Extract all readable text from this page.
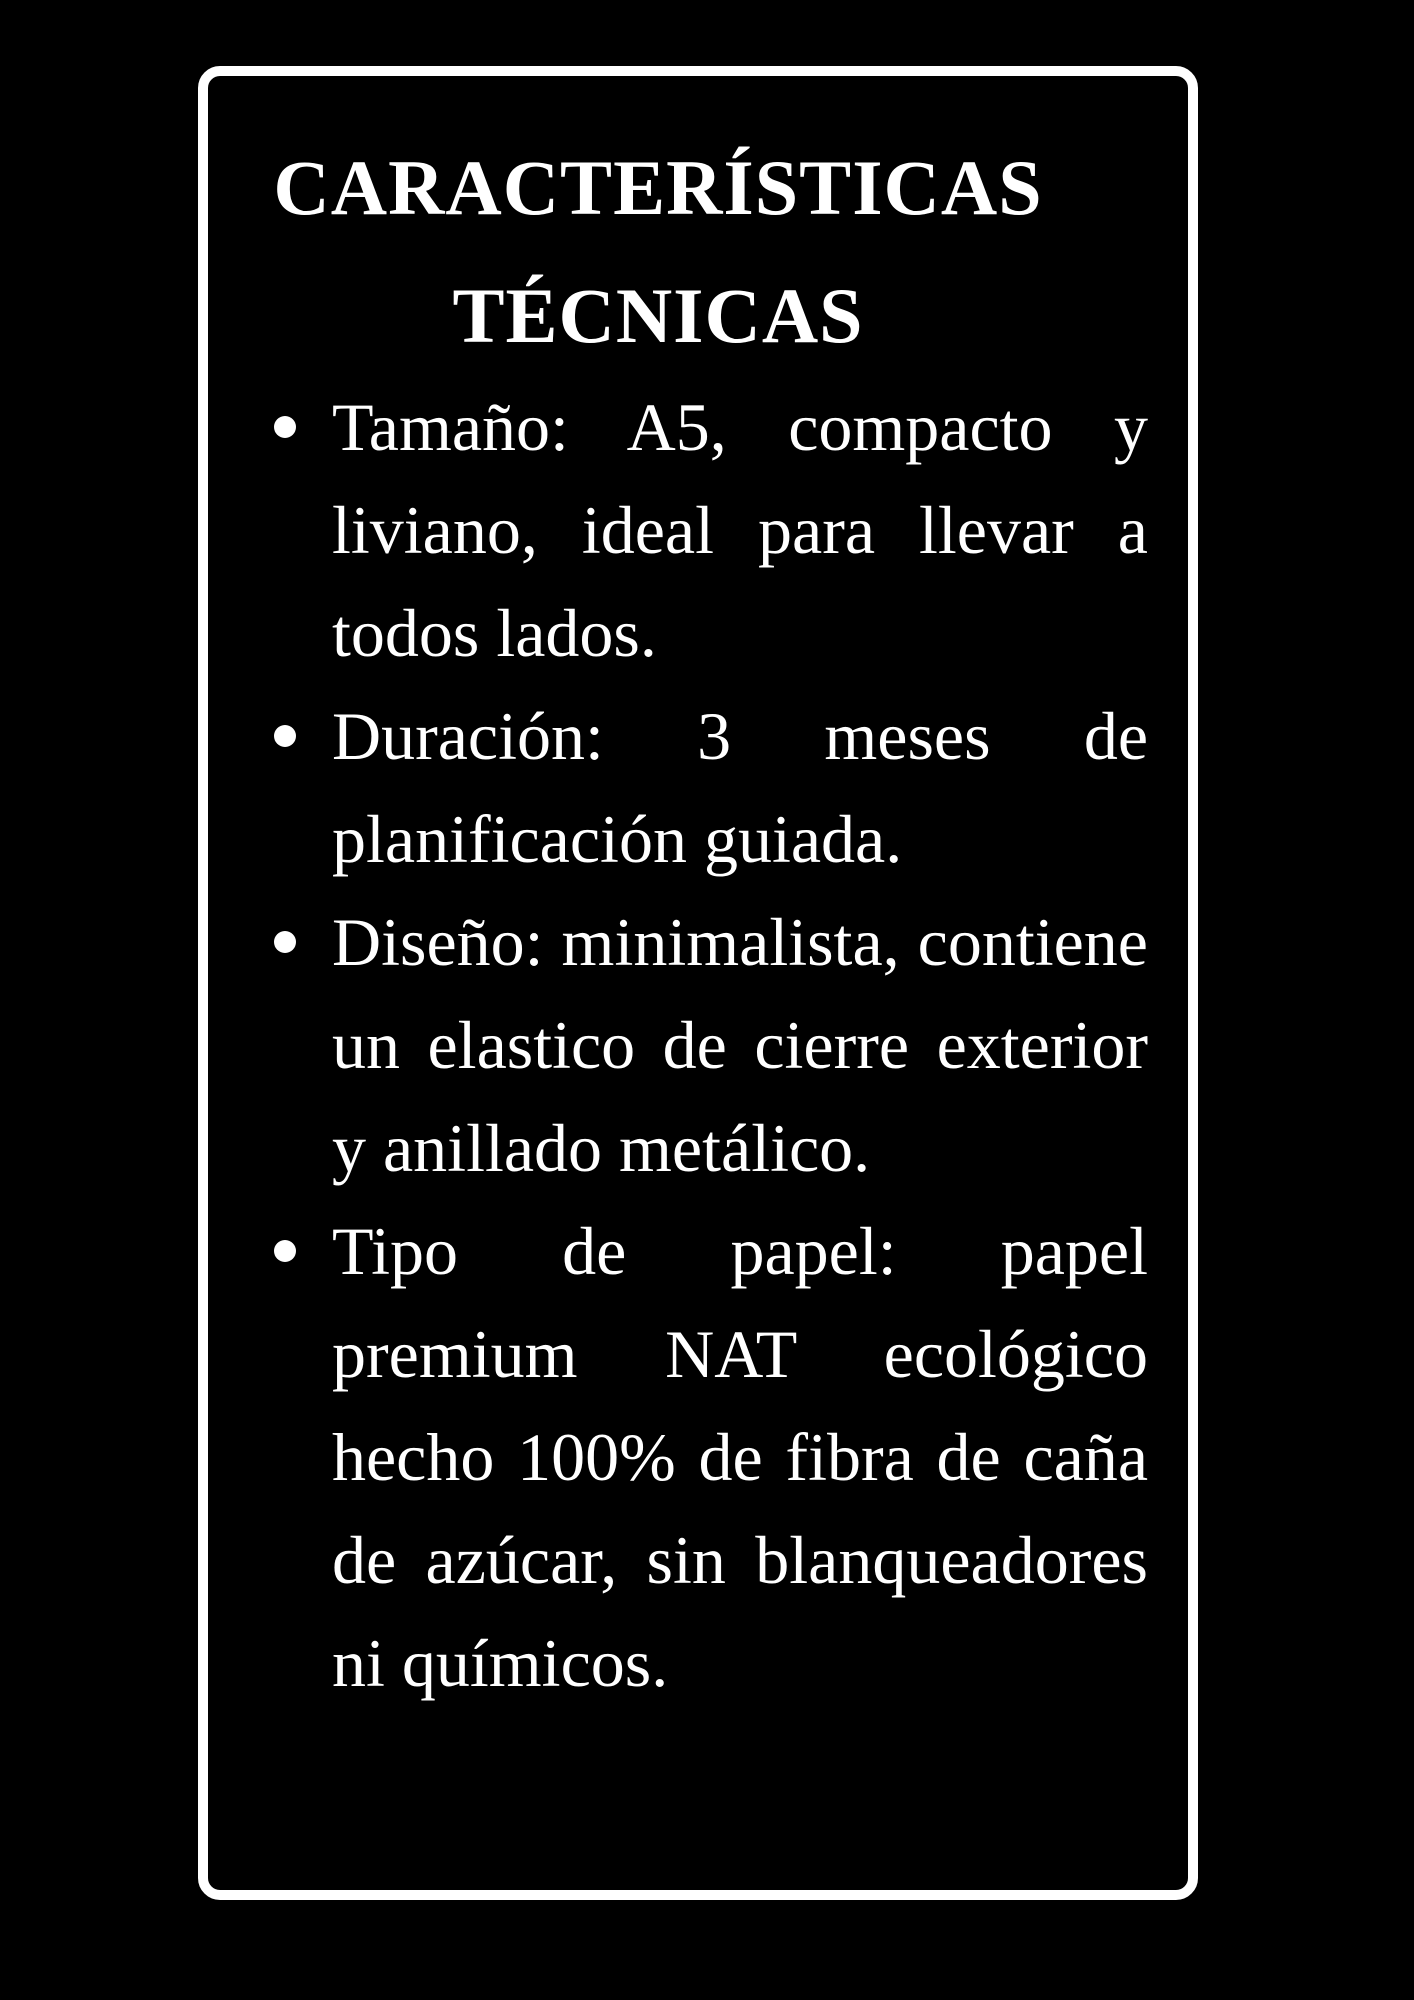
CARACTERÍSTICAS TÉCNICAS
Tamaño: A5, compacto y liviano, ideal para llevar a todos lados.
Duración: 3 meses de planificación guiada.
Diseño: minimalista, contiene un elastico de cierre exterior y anillado metálico.
Tipo de papel: papel premium NAT ecológico hecho 100% de fibra de caña de azúcar, sin blanqueadores ni químicos.
